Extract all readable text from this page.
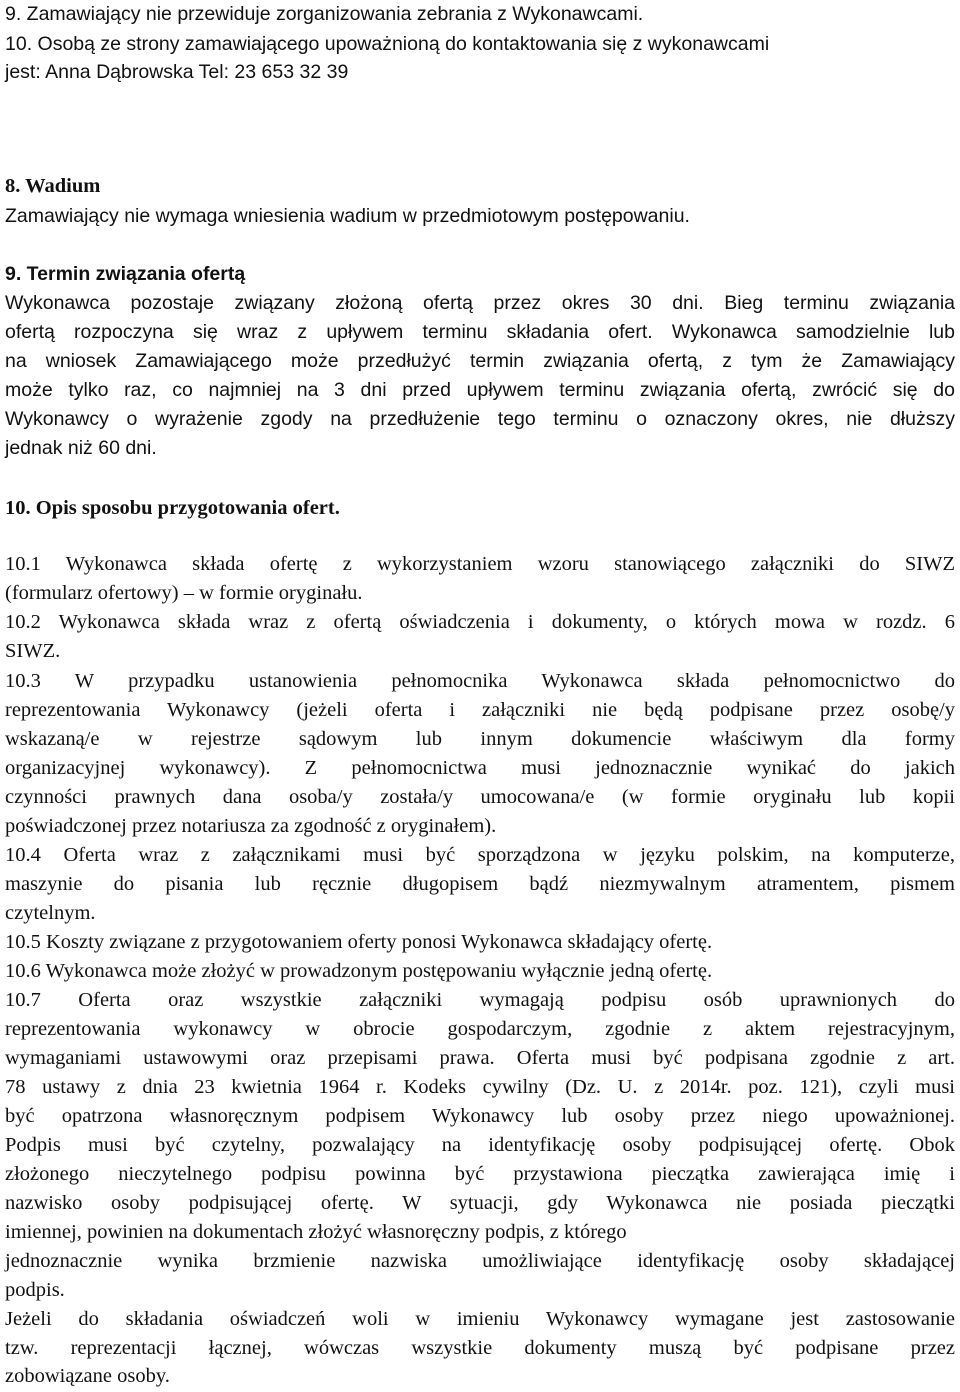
9. Zamawiający nie przewiduje zorganizowania zebrania z Wykonawcami.

10. Osobą ze strony zamawiającego upoważnioną do kontaktowania się z wykonawcami

jest: Anna Dąbrowska Tel: 23 653 32 39

8. Wadium

Zamawiający nie wymaga wniesienia wadium w przedmiotowym postępowaniu.

9. Termin związania ofertą

Wykonawca pozostaje związany złożoną ofertą przez okres 30 dni. Bieg terminu związania

ofertą rozpoczyna się wraz z upływem terminu składania ofert. Wykonawca samodzielnie lub

na wniosek Zamawiającego może przedłużyć termin związania ofertą, z tym że Zamawiający

może tylko raz, co najmniej na 3 dni przed upływem terminu związania ofertą, zwrócić się do

Wykonawcy o wyrażenie zgody na przedłużenie tego terminu o oznaczony okres, nie dłuższy

jednak niż 60 dni.

10. Opis sposobu przygotowania ofert.

10.1 Wykonawca składa ofertę z wykorzystaniem wzoru stanowiącego załączniki do SIWZ

(formularz ofertowy) – w formie oryginału.

10.2 Wykonawca składa wraz z ofertą oświadczenia i dokumenty, o których mowa w rozdz. 6

SIWZ.

10.3 W przypadku ustanowienia pełnomocnika Wykonawca składa pełnomocnictwo do

reprezentowania Wykonawcy (jeżeli oferta i załączniki nie będą podpisane przez osobę/y

wskazaną/e w rejestrze sądowym lub innym dokumencie właściwym dla formy

organizacyjnej wykonawcy). Z pełnomocnictwa musi jednoznacznie wynikać do jakich

czynności prawnych dana osoba/y została/y umocowana/e (w formie oryginału lub kopii

poświadczonej przez notariusza za zgodność z oryginałem).

10.4 Oferta wraz z załącznikami musi być sporządzona w języku polskim, na komputerze,

maszynie do pisania lub ręcznie długopisem bądź niezmywalnym atramentem, pismem

czytelnym.

10.5 Koszty związane z przygotowaniem oferty ponosi Wykonawca składający ofertę.

10.6 Wykonawca może złożyć w prowadzonym postępowaniu wyłącznie jedną ofertę.

10.7 Oferta oraz wszystkie załączniki wymagają podpisu osób uprawnionych do

reprezentowania wykonawcy w obrocie gospodarczym, zgodnie z aktem rejestracyjnym,

wymaganiami ustawowymi oraz przepisami prawa. Oferta musi być podpisana zgodnie z art.

78 ustawy z dnia 23 kwietnia 1964 r. Kodeks cywilny (Dz. U. z 2014r. poz. 121), czyli musi

być opatrzona własnoręcznym podpisem Wykonawcy lub osoby przez niego upoważnionej.

Podpis musi być czytelny, pozwalający na identyfikację osoby podpisującej ofertę. Obok

złożonego nieczytelnego podpisu powinna być przystawiona pieczątka zawierająca imię i

nazwisko osoby podpisującej ofertę. W sytuacji, gdy Wykonawca nie posiada pieczątki

imiennej, powinien na dokumentach złożyć własnoręczny podpis, z którego

jednoznacznie wynika brzmienie nazwiska umożliwiające identyfikację osoby składającej

podpis.

Jeżeli do składania oświadczeń woli w imieniu Wykonawcy wymagane jest zastosowanie

tzw. reprezentacji łącznej, wówczas wszystkie dokumenty muszą być podpisane przez

zobowiązane osoby.
